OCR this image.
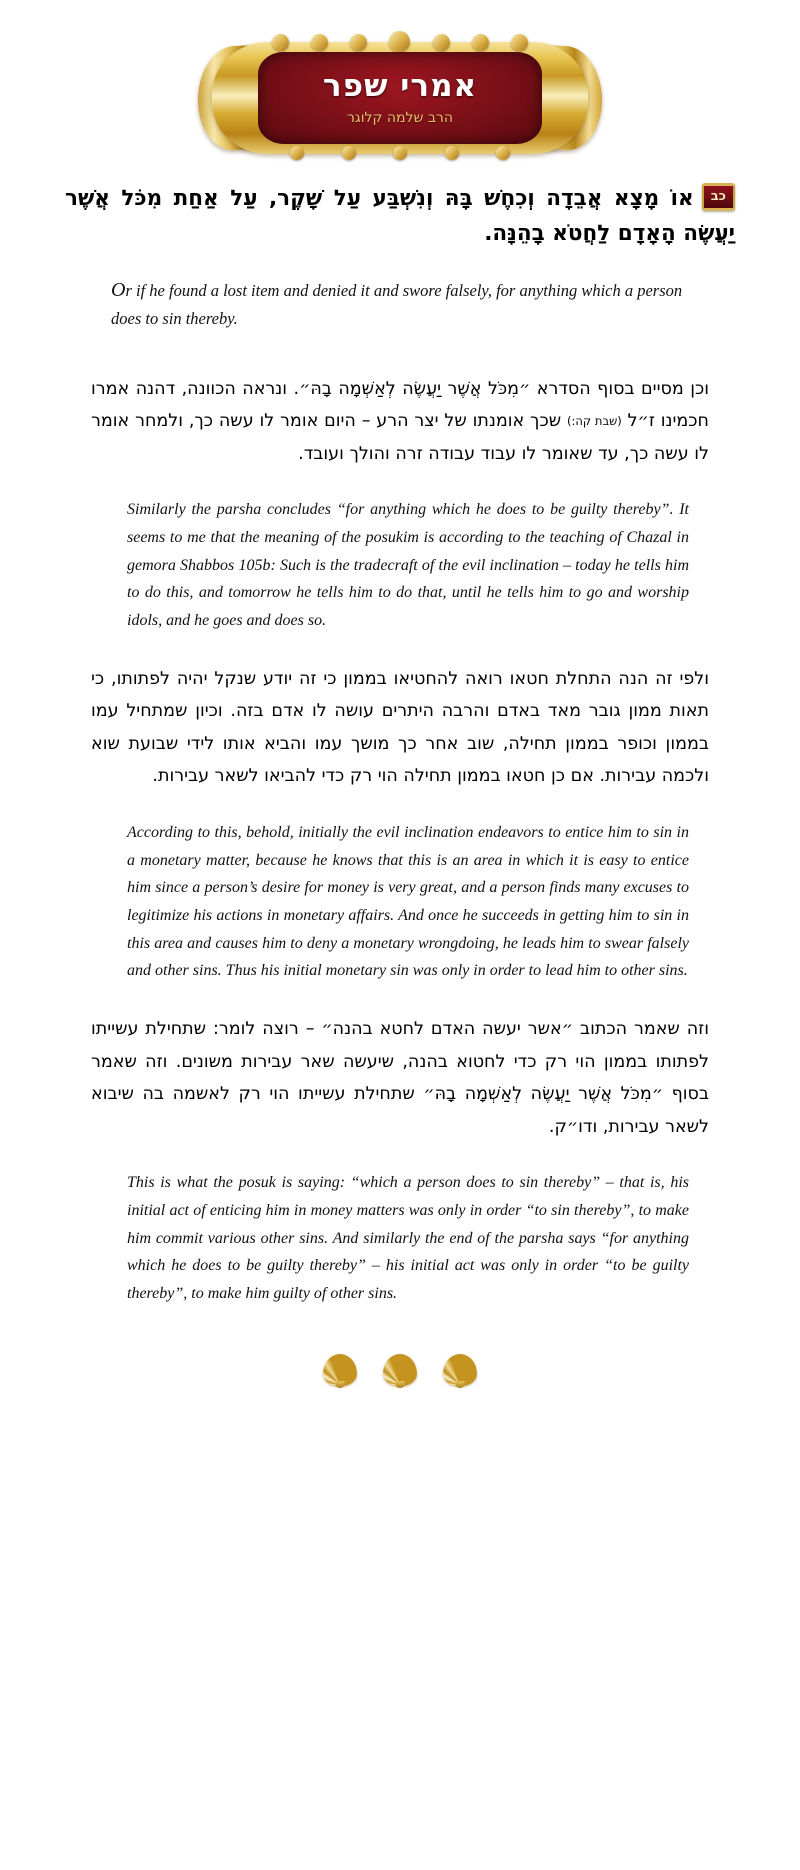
אמרי שפר
הרב שלמה קלוגר
כבאוֹ מָצָא אֲבֵדָה וְכִחֶשׁ בָּהּ וְנִשְׁבַּע עַל שָׁקֶר, עַל אַחַת מִכֹּל אֲשֶׁר יַעֲשֶׂה הָאָדָם לַחֲטֹא בָהֵנָּה.
Or if he found a lost item and denied it and swore falsely, for anything which a person does to sin thereby.
וכן מסיים בסוף הסדרא ״מִכֹּל אֲשֶׁר יַעֲשֶׂה לְאַשְׁמָה בָהּ״. ונראה הכוונה, דהנה אמרו חכמינו ז״ל (שבת קה:) שכך אומנתו של יצר הרע – היום אומר לו עשה כך, ולמחר אומר לו עשה כך, עד שאומר לו עבוד עבודה זרה והולך ועובד.
Similarly the parsha concludes “for anything which he does to be guilty thereby”. It seems to me that the meaning of the posukim is according to the teaching of Chazal in gemora Shabbos 105b: Such is the tradecraft of the evil inclination – today he tells him to do this, and tomorrow he tells him to do that, until he tells him to go and worship idols, and he goes and does so.
ולפי זה הנה התחלת חטאו רואה להחטיאו בממון כי זה יודע שנקל יהיה לפתותו, כי תאות ממון גובר מאד באדם והרבה היתרים עושה לו אדם בזה. וכיון שמתחיל עמו בממון וכופר בממון תחילה, שוב אחר כך מושך עמו והביא אותו לידי שבועת שוא ולכמה עבירות. אם כן חטאו בממון תחילה הוי רק כדי להביאו לשאר עבירות.
According to this, behold, initially the evil inclination endeavors to entice him to sin in a monetary matter, because he knows that this is an area in which it is easy to entice him since a person’s desire for money is very great, and a person finds many excuses to legitimize his actions in monetary affairs. And once he succeeds in getting him to sin in this area and causes him to deny a monetary wrongdoing, he leads him to swear falsely and other sins. Thus his initial monetary sin was only in order to lead him to other sins.
וזה שאמר הכתוב ״אשר יעשה האדם לחטא בהנה״ – רוצה לומר: שתחילת עשייתו לפתותו בממון הוי רק כדי לחטוא בהנה, שיעשה שאר עבירות משונים. וזה שאמר בסוף ״מִכֹּל אֲשֶׁר יַעֲשֶׂה לְאַשְׁמָה בָהּ״ שתחילת עשייתו הוי רק לאשמה בה שיבוא לשאר עבירות, ודו״ק.
This is what the posuk is saying: “which a person does to sin thereby” – that is, his initial act of enticing him in money matters was only in order “to sin thereby”, to make him commit various other sins. And similarly the end of the parsha says “for anything which he does to be guilty thereby” – his initial act was only in order “to be guilty thereby”, to make him guilty of other sins.
